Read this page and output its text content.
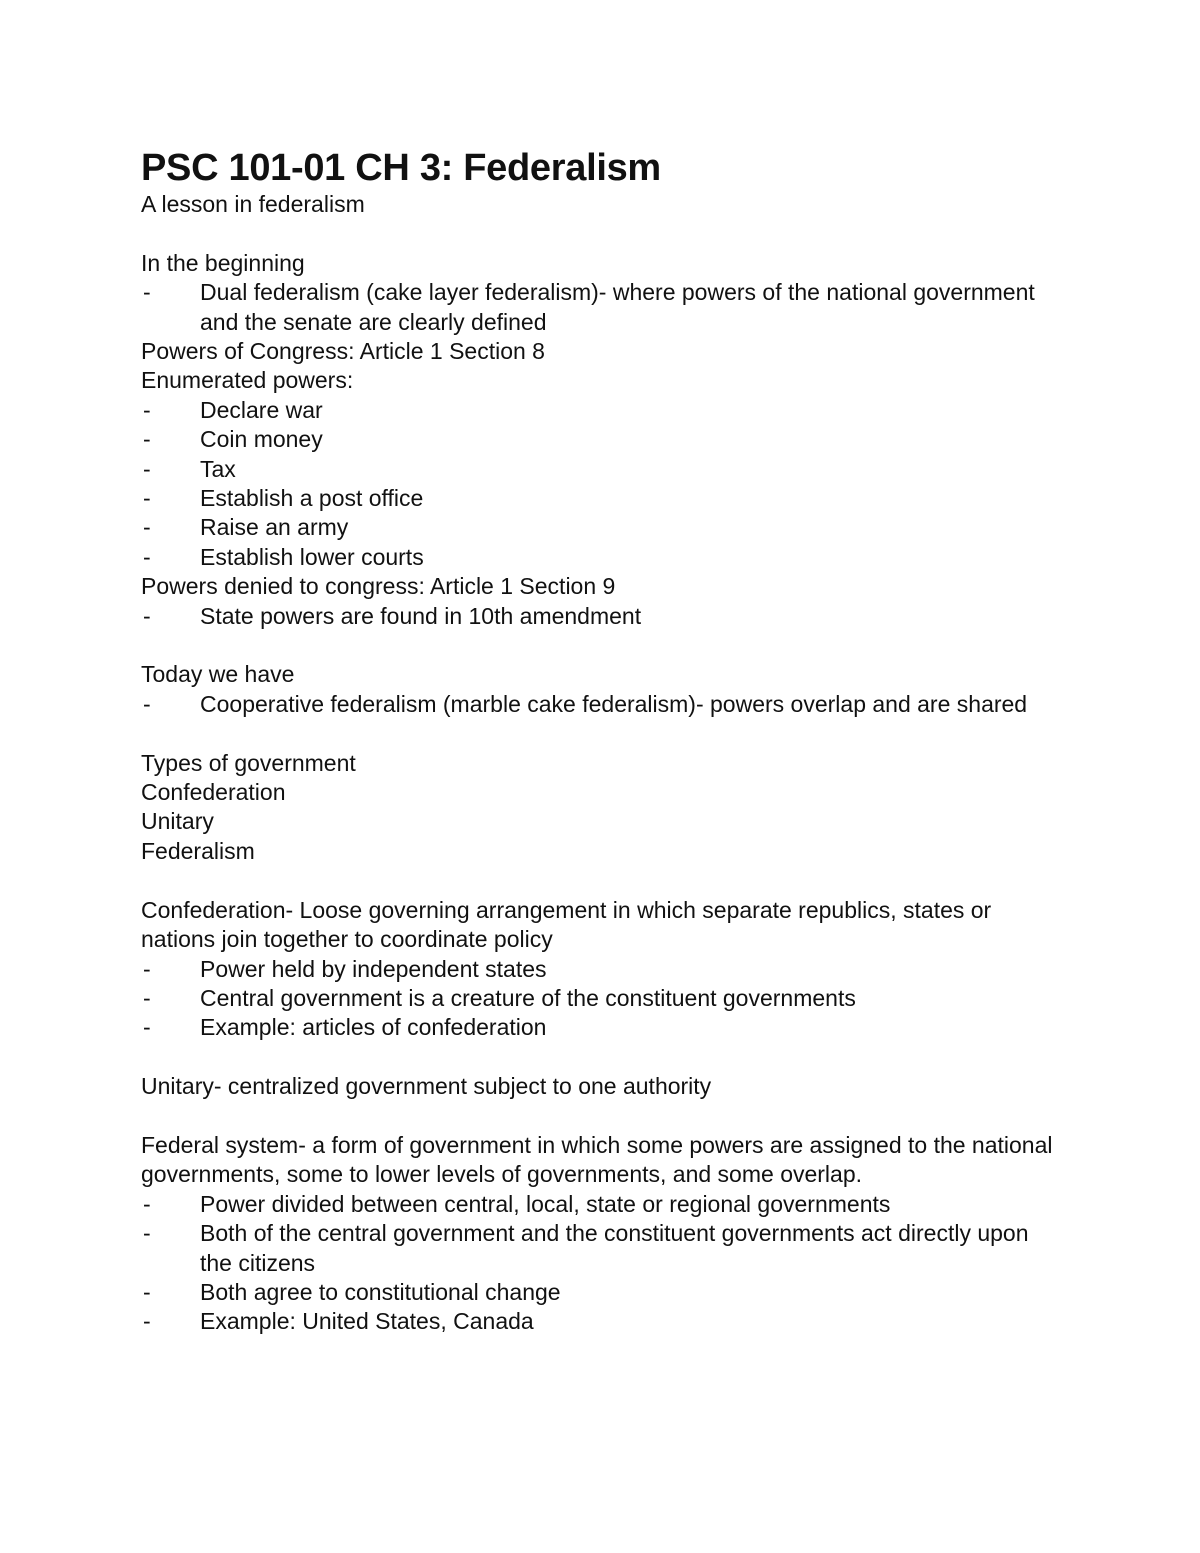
PSC 101-01 CH 3: Federalism

A lesson in federalism

In the beginning

- Dual federalism (cake layer federalism)- where powers of the national government and the senate are clearly defined

Powers of Congress: Article 1 Section 8

Enumerated powers:

- Declare war
- Coin money
- Tax
- Establish a post office
- Raise an army
- Establish lower courts

Powers denied to congress: Article 1 Section 9

- State powers are found in 10th amendment

Today we have

- Cooperative federalism (marble cake federalism)- powers overlap and are shared

Types of government

Confederation

Unitary

Federalism

Confederation- Loose governing arrangement in which separate republics, states or nations join together to coordinate policy

- Power held by independent states
- Central government is a creature of the constituent governments
- Example: articles of confederation

Unitary- centralized government subject to one authority

Federal system- a form of government in which some powers are assigned to the national governments, some to lower levels of governments, and some overlap.

- Power divided between central, local, state or regional governments
- Both of the central government and the constituent governments act directly upon the citizens
- Both agree to constitutional change
- Example: United States, Canada
